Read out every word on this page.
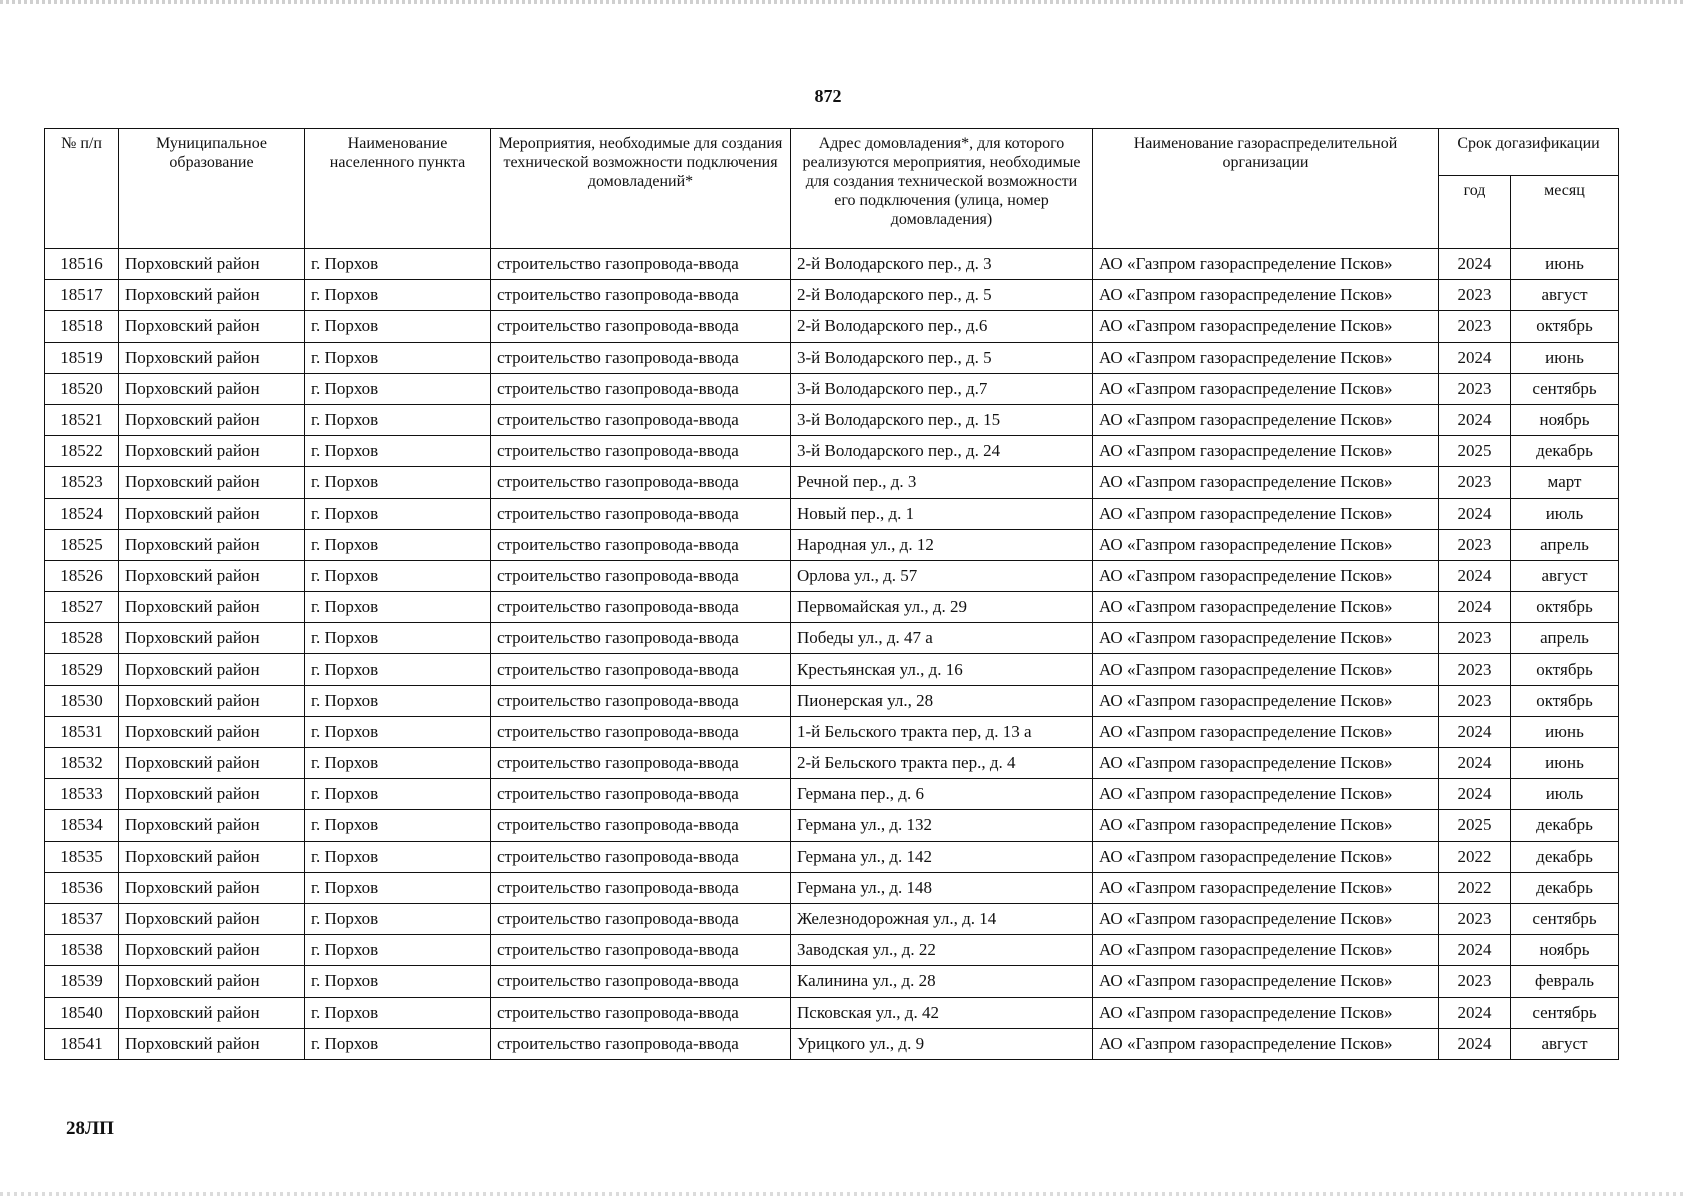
872
№ п/п	Муниципальное образование	Наименование населенного пункта	Мероприятия, необходимые для создания технической возможности подключения домовладений*	Адрес домовладения*, для которого реализуются мероприятия, необходимые для создания технической возможности его подключения (улица, номер домовладения)	Наименование газораспределительной организации	Срок догазификации	
						год	месяц
18516	Порховский район	г. Порхов	строительство газопровода-ввода	2-й Володарского пер., д. 3	АО «Газпром газораспределение Псков»	2024	июнь
18517	Порховский район	г. Порхов	строительство газопровода-ввода	2-й Володарского пер., д. 5	АО «Газпром газораспределение Псков»	2023	август
18518	Порховский район	г. Порхов	строительство газопровода-ввода	2-й Володарского пер., д.6	АО «Газпром газораспределение Псков»	2023	октябрь
18519	Порховский район	г. Порхов	строительство газопровода-ввода	3-й Володарского пер., д. 5	АО «Газпром газораспределение Псков»	2024	июнь
18520	Порховский район	г. Порхов	строительство газопровода-ввода	3-й Володарского пер., д.7	АО «Газпром газораспределение Псков»	2023	сентябрь
18521	Порховский район	г. Порхов	строительство газопровода-ввода	3-й Володарского пер., д. 15	АО «Газпром газораспределение Псков»	2024	ноябрь
18522	Порховский район	г. Порхов	строительство газопровода-ввода	3-й Володарского пер., д. 24	АО «Газпром газораспределение Псков»	2025	декабрь
18523	Порховский район	г. Порхов	строительство газопровода-ввода	Речной пер., д. 3	АО «Газпром газораспределение Псков»	2023	март
18524	Порховский район	г. Порхов	строительство газопровода-ввода	Новый пер., д. 1	АО «Газпром газораспределение Псков»	2024	июль
18525	Порховский район	г. Порхов	строительство газопровода-ввода	Народная ул., д. 12	АО «Газпром газораспределение Псков»	2023	апрель
18526	Порховский район	г. Порхов	строительство газопровода-ввода	Орлова ул., д. 57	АО «Газпром газораспределение Псков»	2024	август
18527	Порховский район	г. Порхов	строительство газопровода-ввода	Первомайская ул., д. 29	АО «Газпром газораспределение Псков»	2024	октябрь
18528	Порховский район	г. Порхов	строительство газопровода-ввода	Победы ул., д. 47 а	АО «Газпром газораспределение Псков»	2023	апрель
18529	Порховский район	г. Порхов	строительство газопровода-ввода	Крестьянская ул., д. 16	АО «Газпром газораспределение Псков»	2023	октябрь
18530	Порховский район	г. Порхов	строительство газопровода-ввода	Пионерская ул., 28	АО «Газпром газораспределение Псков»	2023	октябрь
18531	Порховский район	г. Порхов	строительство газопровода-ввода	1-й Бельского тракта пер, д. 13 а	АО «Газпром газораспределение Псков»	2024	июнь
18532	Порховский район	г. Порхов	строительство газопровода-ввода	2-й Бельского тракта пер., д. 4	АО «Газпром газораспределение Псков»	2024	июнь
18533	Порховский район	г. Порхов	строительство газопровода-ввода	Германа пер., д. 6	АО «Газпром газораспределение Псков»	2024	июль
18534	Порховский район	г. Порхов	строительство газопровода-ввода	Германа ул., д. 132	АО «Газпром газораспределение Псков»	2025	декабрь
18535	Порховский район	г. Порхов	строительство газопровода-ввода	Германа ул., д. 142	АО «Газпром газораспределение Псков»	2022	декабрь
18536	Порховский район	г. Порхов	строительство газопровода-ввода	Германа ул., д. 148	АО «Газпром газораспределение Псков»	2022	декабрь
18537	Порховский район	г. Порхов	строительство газопровода-ввода	Железнодорожная ул., д. 14	АО «Газпром газораспределение Псков»	2023	сентябрь
18538	Порховский район	г. Порхов	строительство газопровода-ввода	Заводская ул., д. 22	АО «Газпром газораспределение Псков»	2024	ноябрь
18539	Порховский район	г. Порхов	строительство газопровода-ввода	Калинина ул., д. 28	АО «Газпром газораспределение Псков»	2023	февраль
18540	Порховский район	г. Порхов	строительство газопровода-ввода	Псковская ул., д. 42	АО «Газпром газораспределение Псков»	2024	сентябрь
18541	Порховский район	г. Порхов	строительство газопровода-ввода	Урицкого ул., д. 9	АО «Газпром газораспределение Псков»	2024	август
28ЛП
